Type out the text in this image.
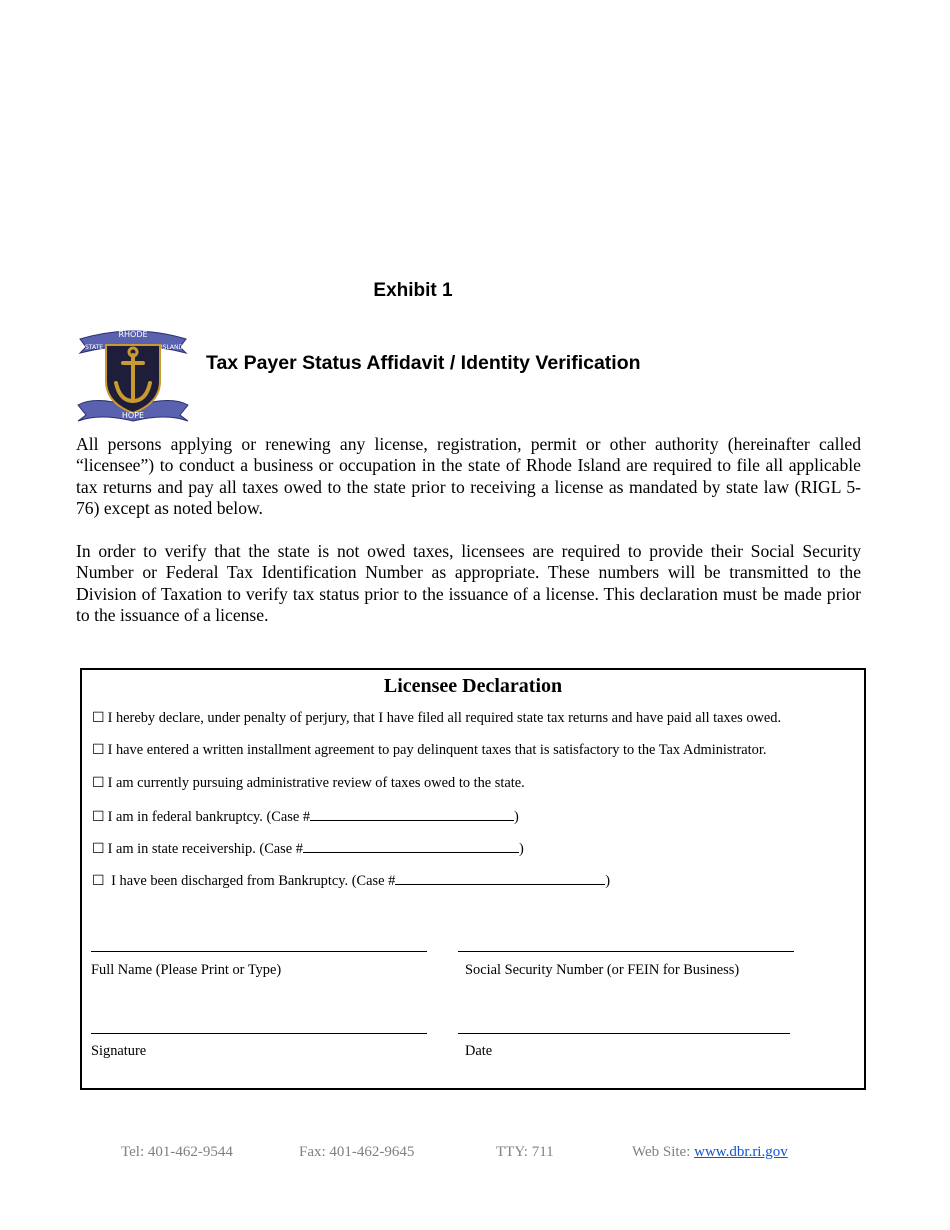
Exhibit 1
RHODE
STATE	ISLAND
HOPE
Tax Payer Status Affidavit / Identity Verification
All persons applying or renewing any license, registration, permit or other authority (hereinafter called “licensee”) to conduct a business or occupation in the state of Rhode Island are required to file all applicable tax returns and pay all taxes owed to the state prior to receiving a license as mandated by state law (RIGL 5-76) except as noted below.
In order to verify that the state is not owed taxes, licensees are required to provide their Social Security Number or Federal Tax Identification Number as appropriate. These numbers will be transmitted to the Division of Taxation to verify tax status prior to the issuance of a license. This declaration must be made prior to the issuance of a license.
Licensee Declaration
☐ I hereby declare, under penalty of perjury, that I have filed all required state tax returns and have paid all taxes owed.
☐ I have entered a written installment agreement to pay delinquent taxes that is satisfactory to the Tax Administrator.
☐ I am currently pursuing administrative review of taxes owed to the state.
☐ I am in federal bankruptcy. (Case #	)
☐ I am in state receivership. (Case #	)
☐ I have been discharged from Bankruptcy. (Case #	)
Full Name (Please Print or Type)	Social Security Number (or FEIN for Business)
Signature	Date
Tel: 401-462-9544	Fax: 401-462-9645	TTY: 711	Web Site: www.dbr.ri.gov
